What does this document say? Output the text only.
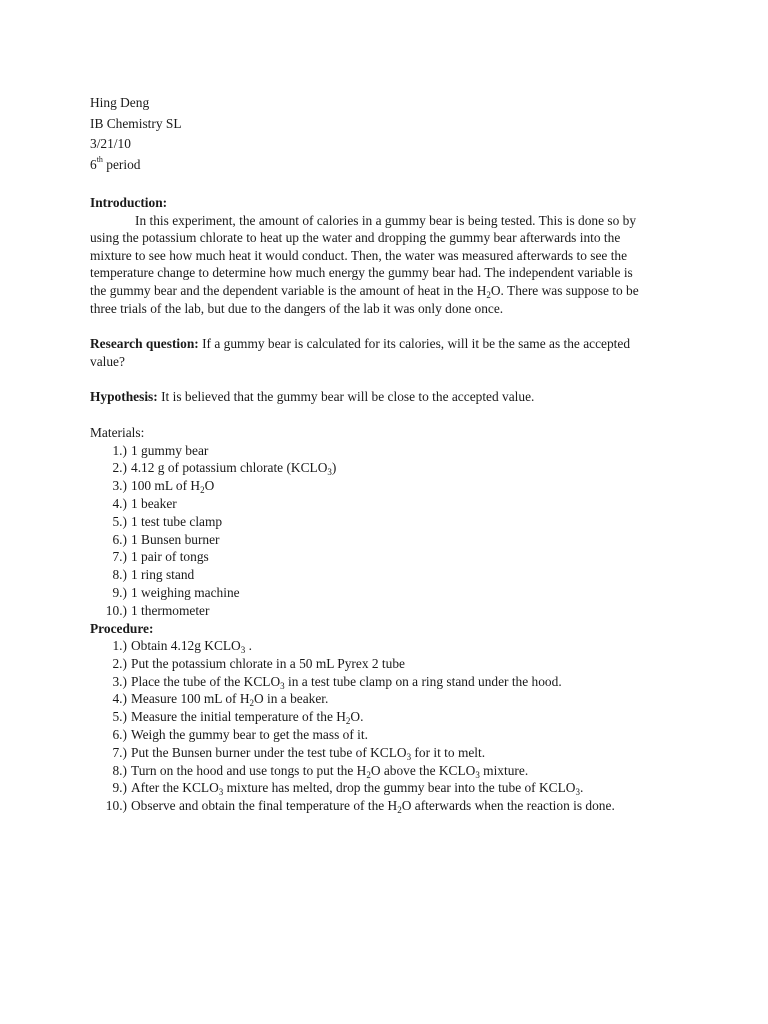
Hing Deng

IB Chemistry SL

3/21/10

6th period

Introduction:

In this experiment, the amount of calories in a gummy bear is being tested. This is done so by using the potassium chlorate to heat up the water and dropping the gummy bear afterwards into the mixture to see how much heat it would conduct. Then, the water was measured afterwards to see the temperature change to determine how much energy the gummy bear had. The independent variable is the gummy bear and the dependent variable is the amount of heat in the $H_2O$. There was suppose to be three trials of the lab, but due to the dangers of the lab it was only done once.

Research question: If a gummy bear is calculated for its calories, will it be the same as the accepted value?

Hypothesis: It is believed that the gummy bear will be close to the accepted value.

Materials:

1.) 1 gummy bear
2.) 4.12 g of potassium chlorate $(KCLO_3)$
3.) 100 mL of $H_2O$
4.) 1 beaker
5.) 1 test tube clamp
6.) 1 Bunsen burner
7.) 1 pair of tongs
8.) 1 ring stand
9.) 1 weighing machine
10.) 1 thermometer

Procedure:

1.) Obtain 4.12g $KCLO_3$ .
2.) Put the potassium chlorate in a 50 mL Pyrex 2 tube
3.) Place the tube of the $KCLO_3$ in a test tube clamp on a ring stand under the hood.
4.) Measure 100 mL of $H_2O$ in a beaker.
5.) Measure the initial temperature of the $H_2O$.
6.) Weigh the gummy bear to get the mass of it.
7.) Put the Bunsen burner under the test tube of $KCLO_3$ for it to melt.
8.) Turn on the hood and use tongs to put the $H_2O$ above the $KCLO_3$ mixture.
9.) After the $KCLO_3$ mixture has melted, drop the gummy bear into the tube of $KCLO_3$.
10.) Observe and obtain the final temperature of the $H_2O$ afterwards when the reaction is done.
